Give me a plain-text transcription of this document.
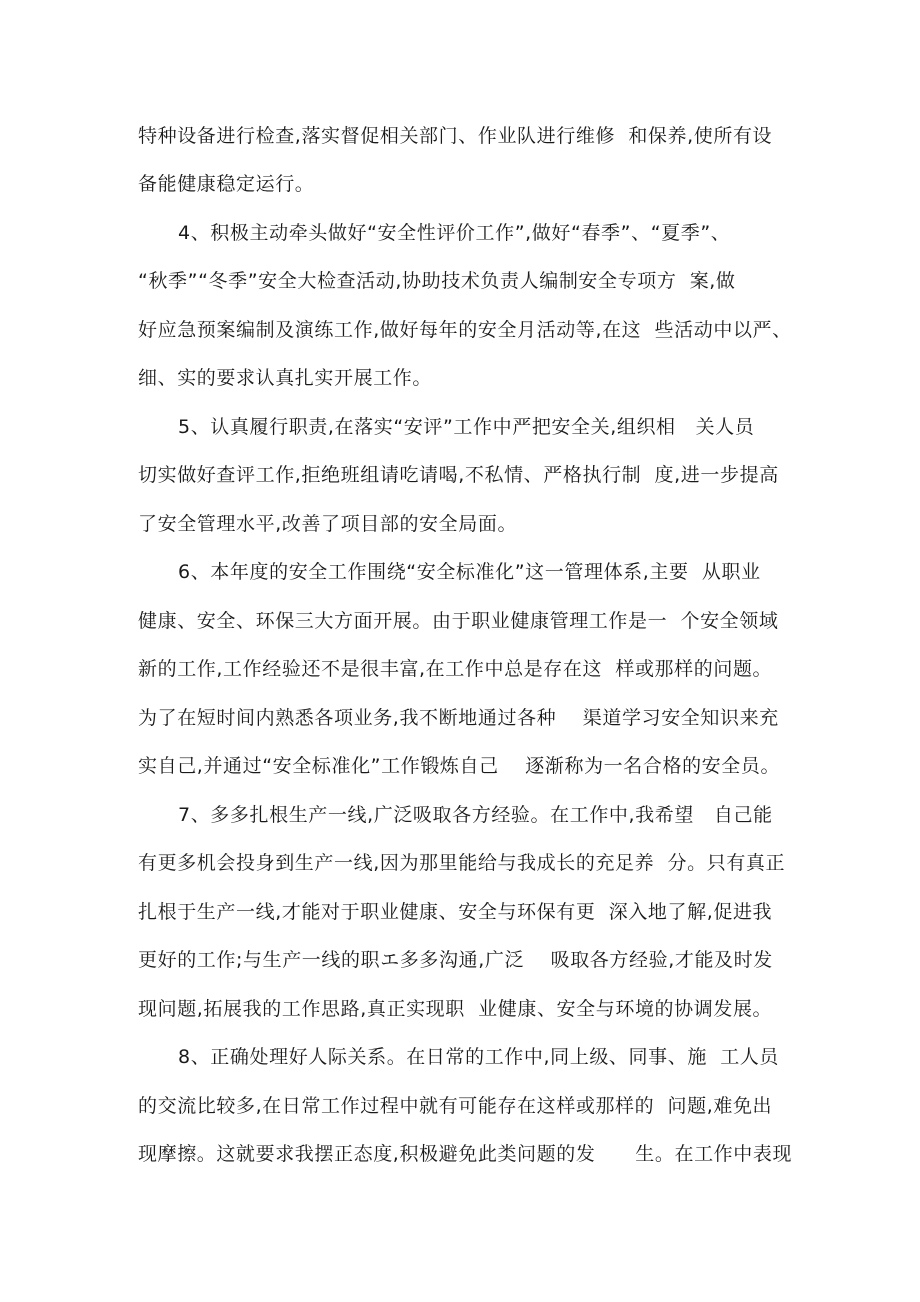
特种设备进行检查,落实督促相关部门、作业队进行维修  和保养,使所有设
备能健康稳定运行。
4、积极主动牵头做好“安全性评价工作”,做好“春季”、“夏季”、
“秋季”“冬季”安全大检查活动,协助技术负责人编制安全专项方  案,做
好应急预案编制及演练工作,做好每年的安全月活动等,在这  些活动中以严、
细、实的要求认真扎实开展工作。
5、认真履行职责,在落实“安评”工作中严把安全关,组织相   关人员
切实做好查评工作,拒绝班组请吃请喝,不私情、严格执行制  度,进一步提高
了安全管理水平,改善了项目部的安全局面。
6、本年度的安全工作围绕“安全标准化”这一管理体系,主要  从职业
健康、安全、环保三大方面开展。由于职业健康管理工作是一  个安全领域
新的工作,工作经验还不是很丰富,在工作中总是存在这  样或那样的问题。
为了在短时间内熟悉各项业务,我不断地通过各种    渠道学习安全知识来充
实自己,并通过“安全标准化”工作锻炼自己    逐渐称为一名合格的安全员。
7、多多扎根生产一线,广泛吸取各方经验。在工作中,我希望   自己能
有更多机会投身到生产一线,因为那里能给与我成长的充足养  分。只有真正
扎根于生产一线,才能对于职业健康、安全与环保有更  深入地了解,促进我
更好的工作;与生产一线的职エ多多沟通,广泛    吸取各方经验,才能及时发
现问题,拓展我的工作思路,真正实现职  业健康、安全与环境的协调发展。
8、正确处理好人际关系。在日常的工作中,同上级、同事、施  工人员
的交流比较多,在日常工作过程中就有可能存在这样或那样的  问题,难免出
现摩擦。这就要求我摆正态度,积极避免此类问题的发      生。在工作中表现
